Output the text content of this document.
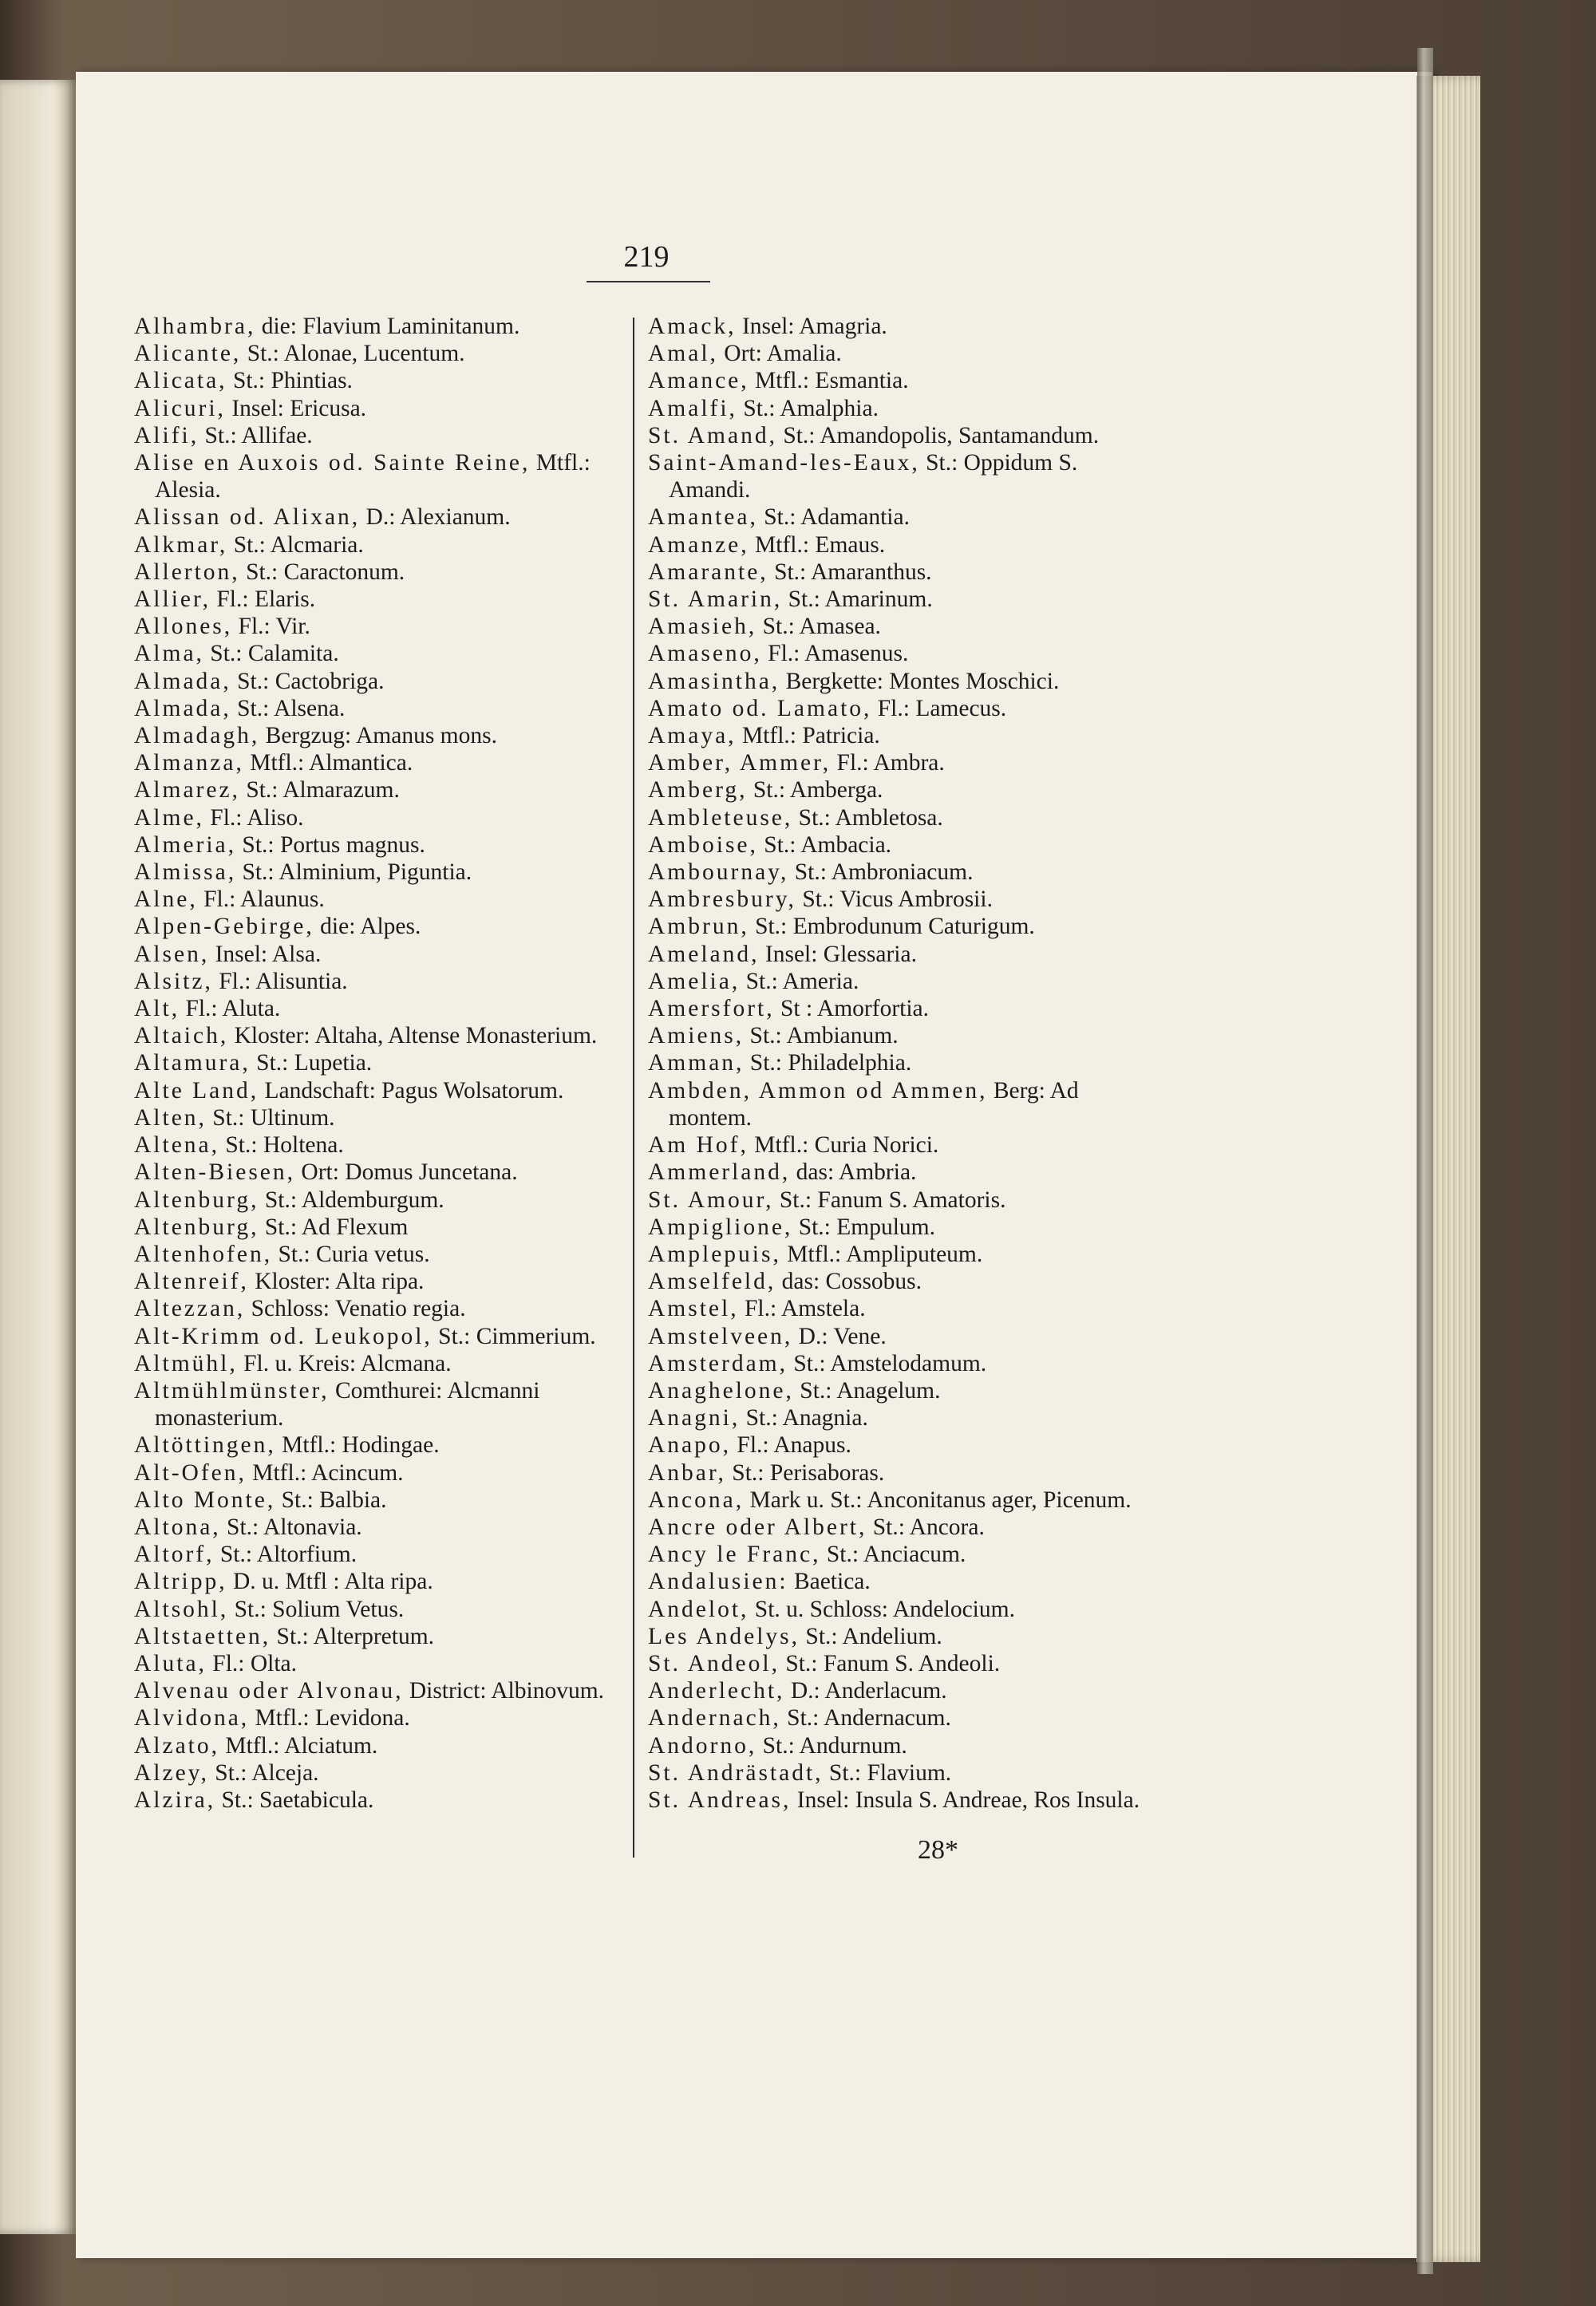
219

Alhambra, die: Flavium Laminitanum.

Alicante, St.: Alonae, Lucentum.

Alicata, St.: Phintias.

Alicuri, Insel: Ericusa.

Alifi, St.: Allifae.

Alise en Auxois od. Sainte Reine, Mtfl.: Alesia.

Alissan od. Alixan, D.: Alexianum.

Alkmar, St.: Alcmaria.

Allerton, St.: Caractonum.

Allier, Fl.: Elaris.

Allones, Fl.: Vir.

Alma, St.: Calamita.

Almada, St.: Cactobriga.

Almada, St.: Alsena.

Almadagh, Bergzug: Amanus mons.

Almanza, Mtfl.: Almantica.

Almarez, St.: Almarazum.

Alme, Fl.: Aliso.

Almeria, St.: Portus magnus.

Almissa, St.: Alminium, Piguntia.

Alne, Fl.: Alaunus.

Alpen-Gebirge, die: Alpes.

Alsen, Insel: Alsa.

Alsitz, Fl.: Alisuntia.

Alt, Fl.: Aluta.

Altaich, Kloster: Altaha, Altense Monasterium.

Altamura, St.: Lupetia.

Alte Land, Landschaft: Pagus Wolsatorum.

Alten, St.: Ultinum.

Altena, St.: Holtena.

Alten-Biesen, Ort: Domus Juncetana.

Altenburg, St.: Aldemburgum.

Altenburg, St.: Ad Flexum

Altenhofen, St.: Curia vetus.

Altenreif, Kloster: Alta ripa.

Altezzan, Schloss: Venatio regia.

Alt-Krimm od. Leukopol, St.: Cimmerium.

Altmühl, Fl. u. Kreis: Alcmana.

Altmühlmünster, Comthurei: Alcmanni monasterium.

Altöttingen, Mtfl.: Hodingae.

Alt-Ofen, Mtfl.: Acincum.

Alto Monte, St.: Balbia.

Altona, St.: Altonavia.

Altorf, St.: Altorfium.

Altripp, D. u. Mtfl : Alta ripa.

Altsohl, St.: Solium Vetus.

Altstaetten, St.: Alterpretum.

Aluta, Fl.: Olta.

Alvenau oder Alvonau, District: Albinovum.

Alvidona, Mtfl.: Levidona.

Alzato, Mtfl.: Alciatum.

Alzey, St.: Alceja.

Alzira, St.: Saetabicula.

Amack, Insel: Amagria.

Amal, Ort: Amalia.

Amance, Mtfl.: Esmantia.

Amalfi, St.: Amalphia.

St. Amand, St.: Amandopolis, Santamandum.

Saint-Amand-les-Eaux, St.: Oppidum S. Amandi.

Amantea, St.: Adamantia.

Amanze, Mtfl.: Emaus.

Amarante, St.: Amaranthus.

St. Amarin, St.: Amarinum.

Amasieh, St.: Amasea.

Amaseno, Fl.: Amasenus.

Amasintha, Bergkette: Montes Moschici.

Amato od. Lamato, Fl.: Lamecus.

Amaya, Mtfl.: Patricia.

Amber, Ammer, Fl.: Ambra.

Amberg, St.: Amberga.

Ambleteuse, St.: Ambletosa.

Amboise, St.: Ambacia.

Ambournay, St.: Ambroniacum.

Ambresbury, St.: Vicus Ambrosii.

Ambrun, St.: Embrodunum Caturigum.

Ameland, Insel: Glessaria.

Amelia, St.: Ameria.

Amersfort, St : Amorfortia.

Amiens, St.: Ambianum.

Amman, St.: Philadelphia.

Ambden, Ammon od Ammen, Berg: Ad montem.

Am Hof, Mtfl.: Curia Norici.

Ammerland, das: Ambria.

St. Amour, St.: Fanum S. Amatoris.

Ampiglione, St.: Empulum.

Amplepuis, Mtfl.: Ampliputeum.

Amselfeld, das: Cossobus.

Amstel, Fl.: Amstela.

Amstelveen, D.: Vene.

Amsterdam, St.: Amstelodamum.

Anaghelone, St.: Anagelum.

Anagni, St.: Anagnia.

Anapo, Fl.: Anapus.

Anbar, St.: Perisaboras.

Ancona, Mark u. St.: Anconitanus ager, Picenum.

Ancre oder Albert, St.: Ancora.

Ancy le Franc, St.: Anciacum.

Andalusien: Baetica.

Andelot, St. u. Schloss: Andelocium.

Les Andelys, St.: Andelium.

St. Andeol, St.: Fanum S. Andeoli.

Anderlecht, D.: Anderlacum.

Andernach, St.: Andernacum.

Andorno, St.: Andurnum.

St. Andrästadt, St.: Flavium.

St. Andreas, Insel: Insula S. Andreae, Ros Insula.

28*
